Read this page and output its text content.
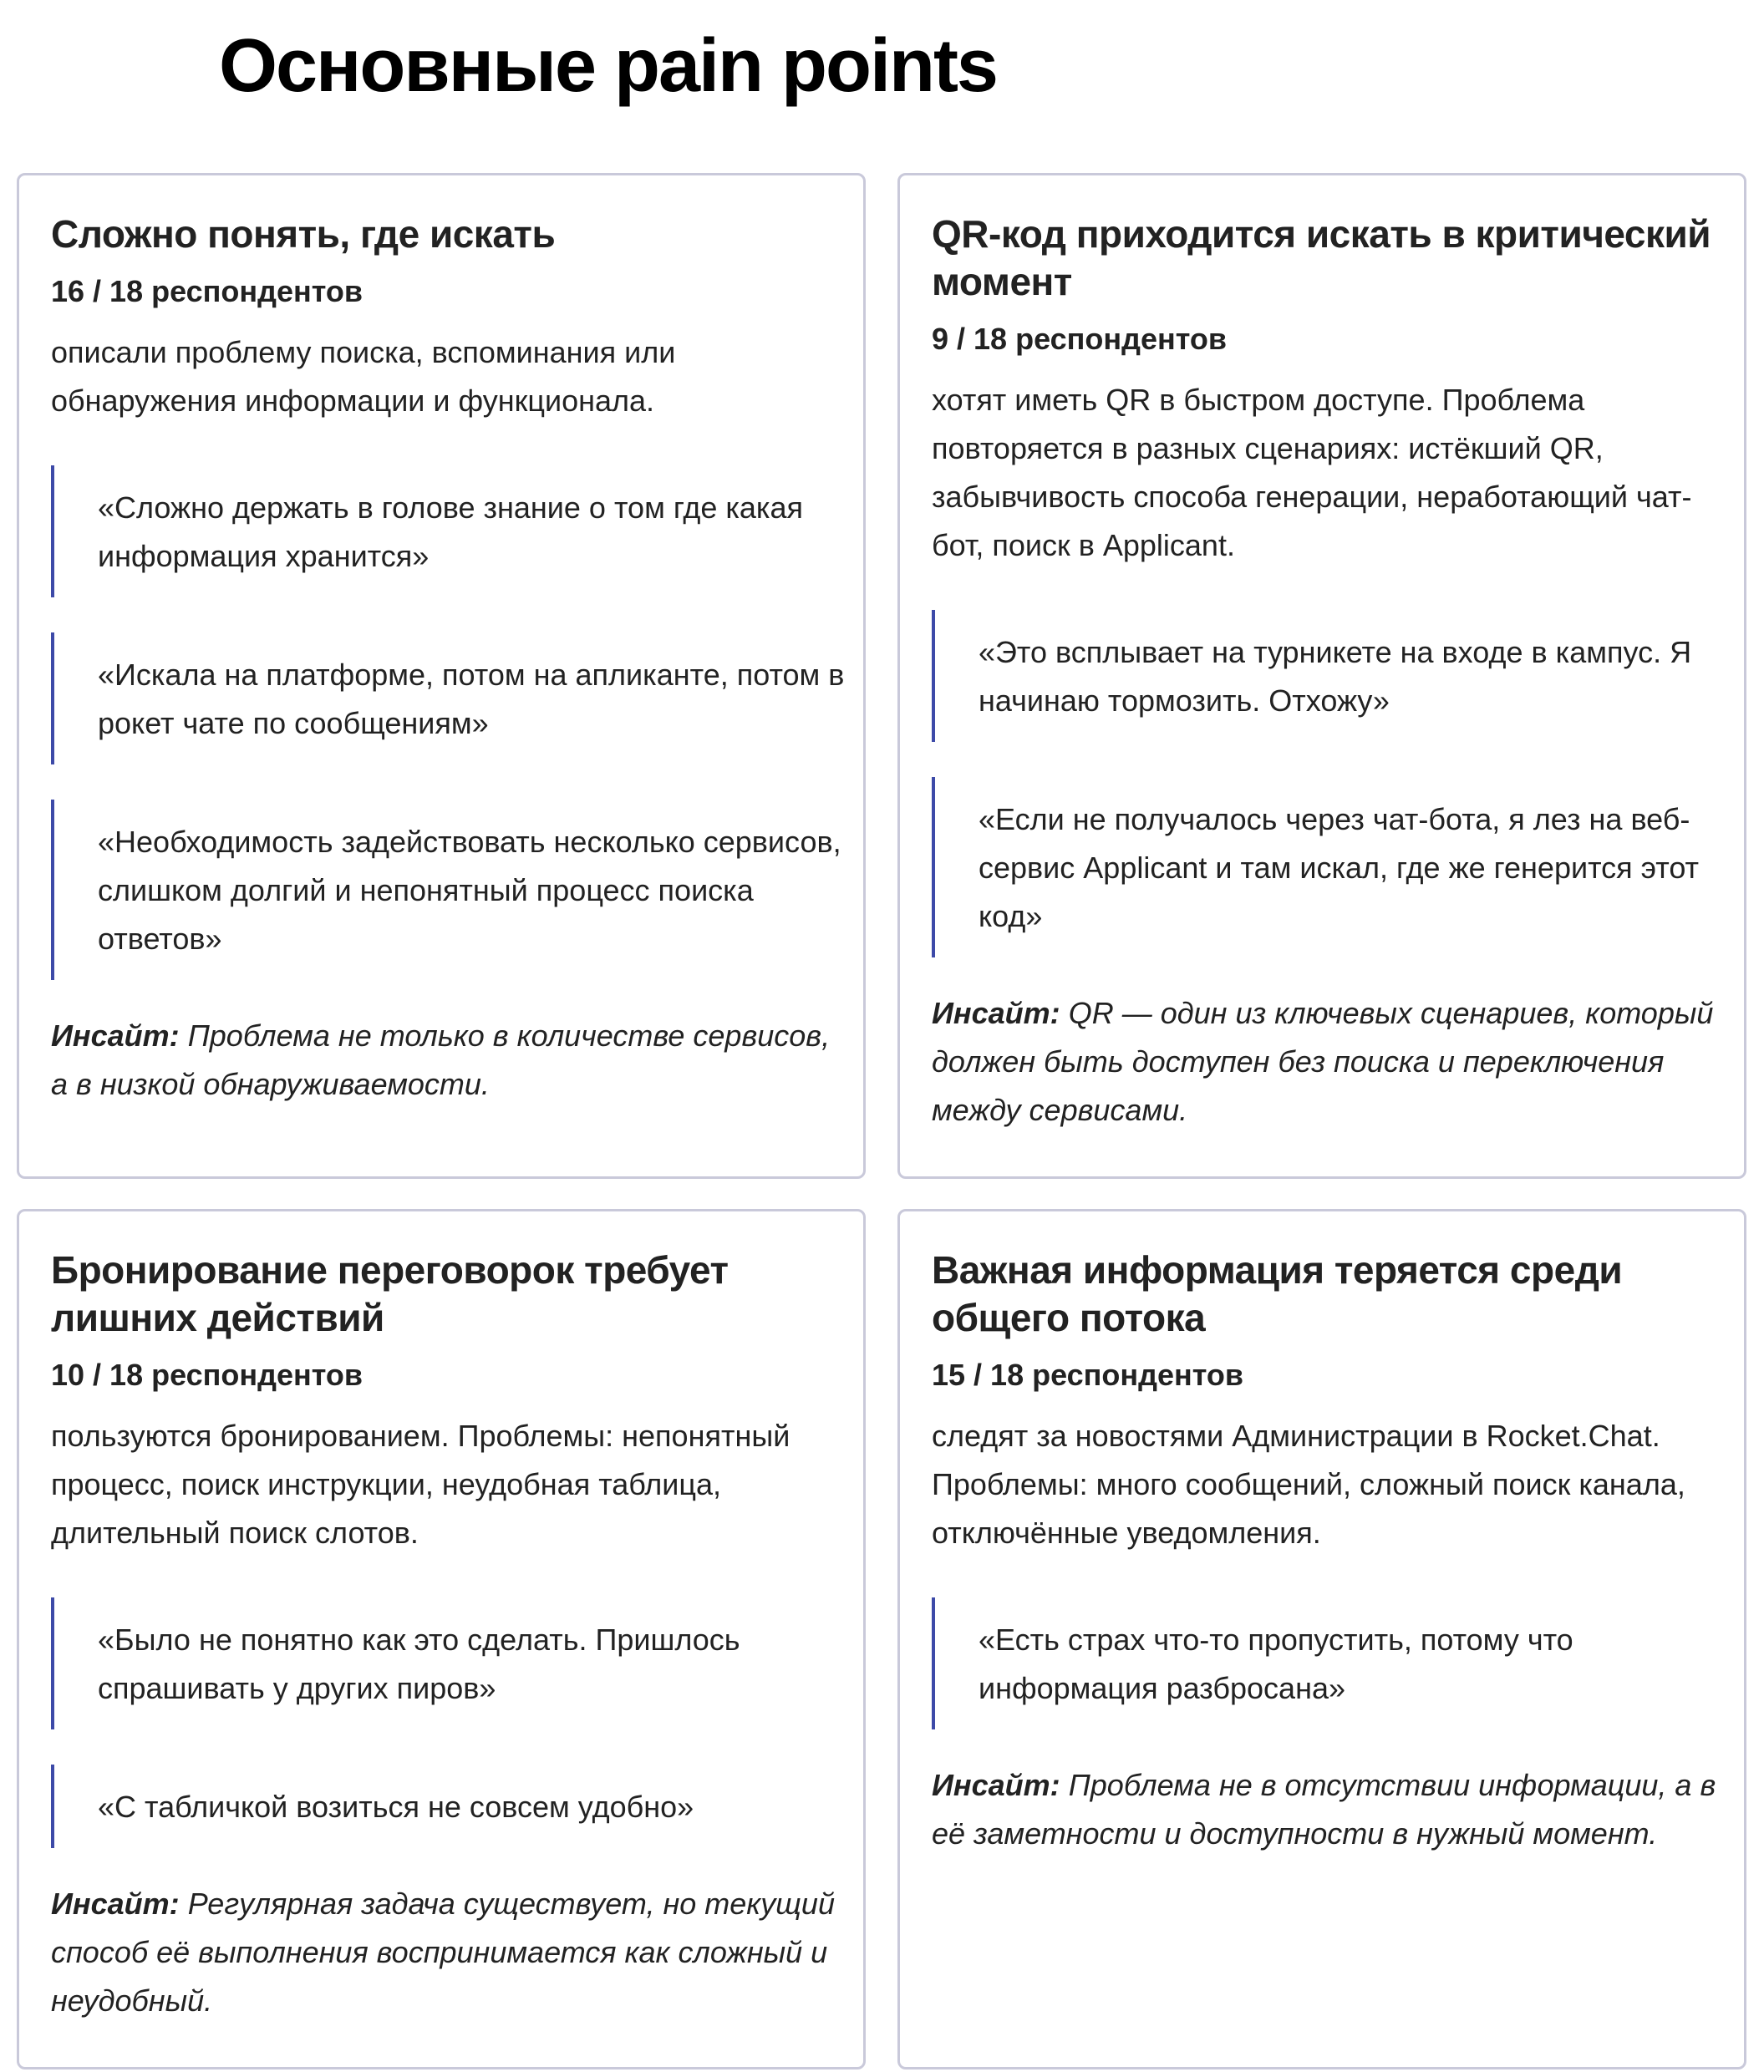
Основные pain points
Сложно понять, где искать
16 / 18 респондентов
описали проблему поиска, вспоминания или обнаружения информации и функционала.
«Сложно держать в голове знание о том где какая информация хранится»
«Искала на платформе, потом на апликанте, потом в рокет чате по сообщениям»
«Необходимость задействовать несколько сервисов, слишком долгий и непонятный процесс поиска ответов»
Инсайт: Проблема не только в количестве сервисов, а в низкой обнаруживаемости.
QR-код приходится искать в критический момент
9 / 18 респондентов
хотят иметь QR в быстром доступе. Проблема повторяется в разных сценариях: истёкший QR, забывчивость способа генерации, неработающий чат-бот, поиск в Applicant.
«Это всплывает на турникете на входе в кампус. Я начинаю тормозить. Отхожу»
«Если не получалось через чат-бота, я лез на веб-сервис Applicant и там искал, где же генерится этот код»
Инсайт: QR — один из ключевых сценариев, который должен быть доступен без поиска и переключения между сервисами.
Бронирование переговорок требует лишних действий
10 / 18 респондентов
пользуются бронированием. Проблемы: непонятный процесс, поиск инструкции, неудобная таблица, длительный поиск слотов.
«Было не понятно как это сделать. Пришлось спрашивать у других пиров»
«С табличкой возиться не совсем удобно»
Инсайт: Регулярная задача существует, но текущий способ её выполнения воспринимается как сложный и неудобный.
Важная информация теряется среди общего потока
15 / 18 респондентов
следят за новостями Администрации в Rocket.Chat. Проблемы: много сообщений, сложный поиск канала, отключённые уведомления.
«Есть страх что-то пропустить, потому что информация разбросана»
Инсайт: Проблема не в отсутствии информации, а в её заметности и доступности в нужный момент.
